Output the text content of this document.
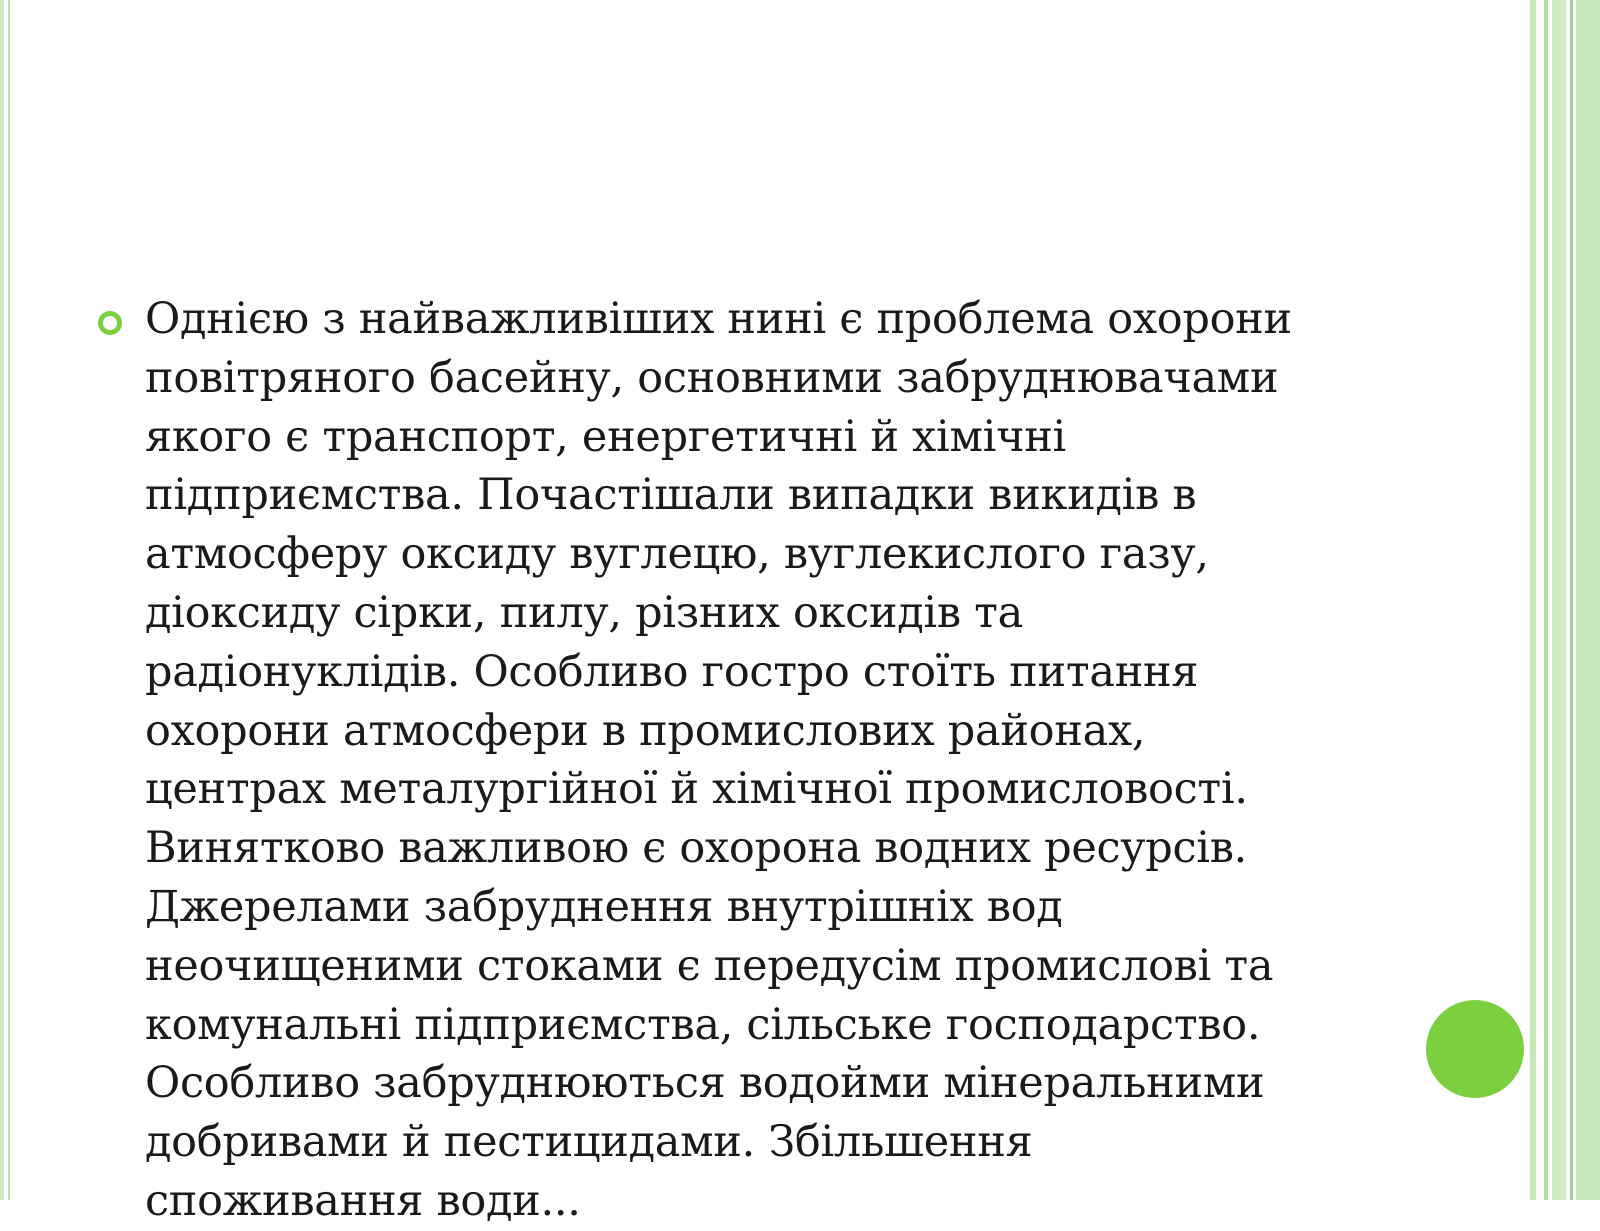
Однією з найважливіших нині є проблема охорони
повітряного басейну, основними забруднювачами
якого є транспорт, енергетичні й хімічні
підприємства. Почастішали випадки викидів в
атмосферу оксиду вуглецю, вуглекислого газу,
діоксиду сірки, пилу, різних оксидів та
радіонуклідів. Особливо гостро стоїть питання
охорони атмосфери в промислових районах,
центрах металургійної й хімічної промисловості.
Винятково важливою є охорона водних ресурсів.
Джерелами забруднення внутрішніх вод
неочищеними стоками є передусім промислові та
комунальні підприємства, сільське господарство.
Особливо забруднюються водойми мінеральними
добривами й пестицидами. Збільшення
споживання води...
